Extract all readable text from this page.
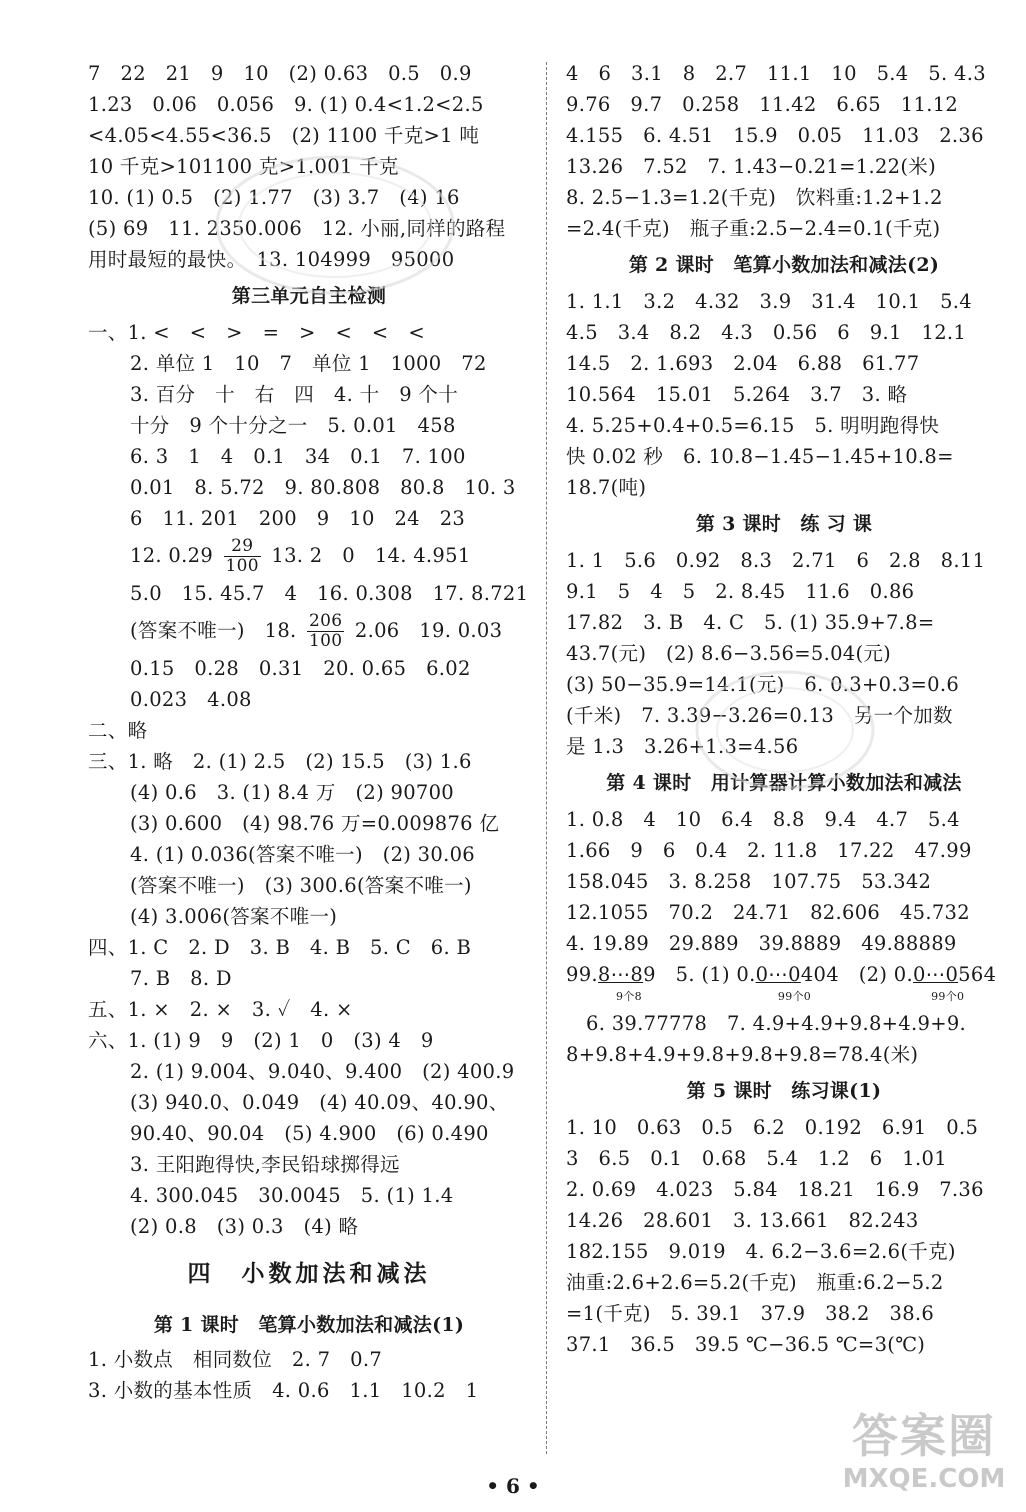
7　22　21　9　10　(2) 0.63　0.5　0.9

1.23　0.06　0.056　9. (1) 0.4<1.2<2.5

<4.05<4.55<36.5　(2) 1100 千克>1 吨

10 千克>101100 克>1.001 千克

10. (1) 0.5　(2) 1.77　(3) 3.7　(4) 16

(5) 69　11. 2350.006　12. 小丽,同样的路程

用时最短的最快。　13. 104999　95000

第三单元自主检测

一、1. <　<　>　=　>　<　<　<

2. 单位 1　10　7　单位 1　1000　72

3. 百分　十　右　四　4. 十　9 个十

十分　9 个十分之一　5. 0.01　458

6. 3　1　4　0.1　34　0.1　7. 100

0.01　8. 5.72　9. 80.808　80.8　10. 3

6　11. 201　200　9　10　24　23

12. $0.29 \frac{29}{100} 13$. 2　0　14. 4.951

5.0　15. 45.7　4　16. 0.308　17. 8.721

(答案不唯一)　18. $\frac{206}{100} 2.06$　19. 0.03

0.15　0.28　0.31　20. 0.65　6.02

0.023　4.08

二、略

三、1. 略　2. (1) 2.5　(2) 15.5　(3) 1.6

(4) 0.6　3. (1) 8.4 万　(2) 90700

(3) 0.600　(4) 98.76 万=0.009876 亿

4. (1) 0.036(答案不唯一)　(2) 30.06

(答案不唯一)　(3) 300.6(答案不唯一)

(4) 3.006(答案不唯一)

四、1. C　2. D　3. B　4. B　5. C　6. B

7. B　8. D

五、1. ×　2. ×　3. ✓　4. ×

六、1. (1) 9　9　(2) 1　0　(3) 4　9

2. (1) 9.004、9.040、9.400　(2) 400.9

(3) 940.0、0.049　(4) 40.09、40.90、

90.40、90.04　(5) 4.900　(6) 0.490

3. 王阳跑得快,李民铅球掷得远

4. 300.045　30.0045　5. (1) 1.4

(2) 0.8　(3) 0.3　(4) 略

四　小数加法和减法

第 1 课时　笔算小数加法和减法(1)

1. 小数点　相同数位　2. 7　0.7

3. 小数的基本性质　4. 0.6　1.1　10.2　1

4　6　3.1　8　2.7　11.1　10　5.4　5. 4.3

9.76　9.7　0.258　11.42　6.65　11.12

4.155　6. 4.51　15.9　0.05　11.03　2.36

13.26　7.52　7. 1.43−0.21=1.22(米)

8. 2.5−1.3=1.2(千克)　饮料重:1.2+1.2

=2.4(千克)　瓶子重:2.5−2.4=0.1(千克)

第 2 课时　笔算小数加法和减法(2)

1. 1.1　3.2　4.32　3.9　31.4　10.1　5.4

4.5　3.4　8.2　4.3　0.56　6　9.1　12.1

14.5　2. 1.693　2.04　6.88　61.77

10.564　15.01　5.264　3.7　3. 略

4. 5.25+0.4+0.5=6.15　5. 明明跑得快

快 0.02 秒　6. 10.8−1.45−1.45+10.8=

18.7(吨)

第 3 课时　练 习 课

1. 1　5.6　0.92　8.3　2.71　6　2.8　8.11

9.1　5　4　5　2. 8.45　11.6　0.86

17.82　3. B　4. C　5. (1) 35.9+7.8=

43.7(元)　(2) 8.6−3.56=5.04(元)

(3) 50−35.9=14.1(元)　6. 0.3+0.3=0.6

(千米)　7. 3.39−3.26=0.13　另一个加数

是 1.3　3.26+1.3=4.56

第 4 课时　用计算器计算小数加法和减法

1. 0.8　4　10　6.4　8.8　9.4　4.7　5.4

1.66　9　6　0.4　2. 11.8　17.22　47.99

158.045　3. 8.258　107.75　53.342

12.1055　70.2　24.71　82.606　45.732

4. 19.89　29.889　39.8889　49.88889

99.8⋯89　5. (1) 0.0⋯0404　(2) 0.0⋯0564

9个8	99个0	99个0

6. 39.77778　7. 4.9+4.9+9.8+4.9+9.

8+9.8+4.9+9.8+9.8+9.8=78.4(米)

第 5 课时　练习课(1)

1. 10　0.63　0.5　6.2　0.192　6.91　0.5

3　6.5　0.1　0.68　5.4　1.2　6　1.01

2. 0.69　4.023　5.84　18.21　16.9　7.36

14.26　28.601　3. 13.661　82.243

182.155　9.019　4. 6.2−3.6=2.6(千克)

油重:2.6+2.6=5.2(千克)　瓶重:6.2−5.2

=1(千克)　5. 39.1　37.9　38.2　38.6

37.1　36.5　39.5 ℃−36.5 ℃=3(℃)

• 6 •
答案圈
MXQE.COM
